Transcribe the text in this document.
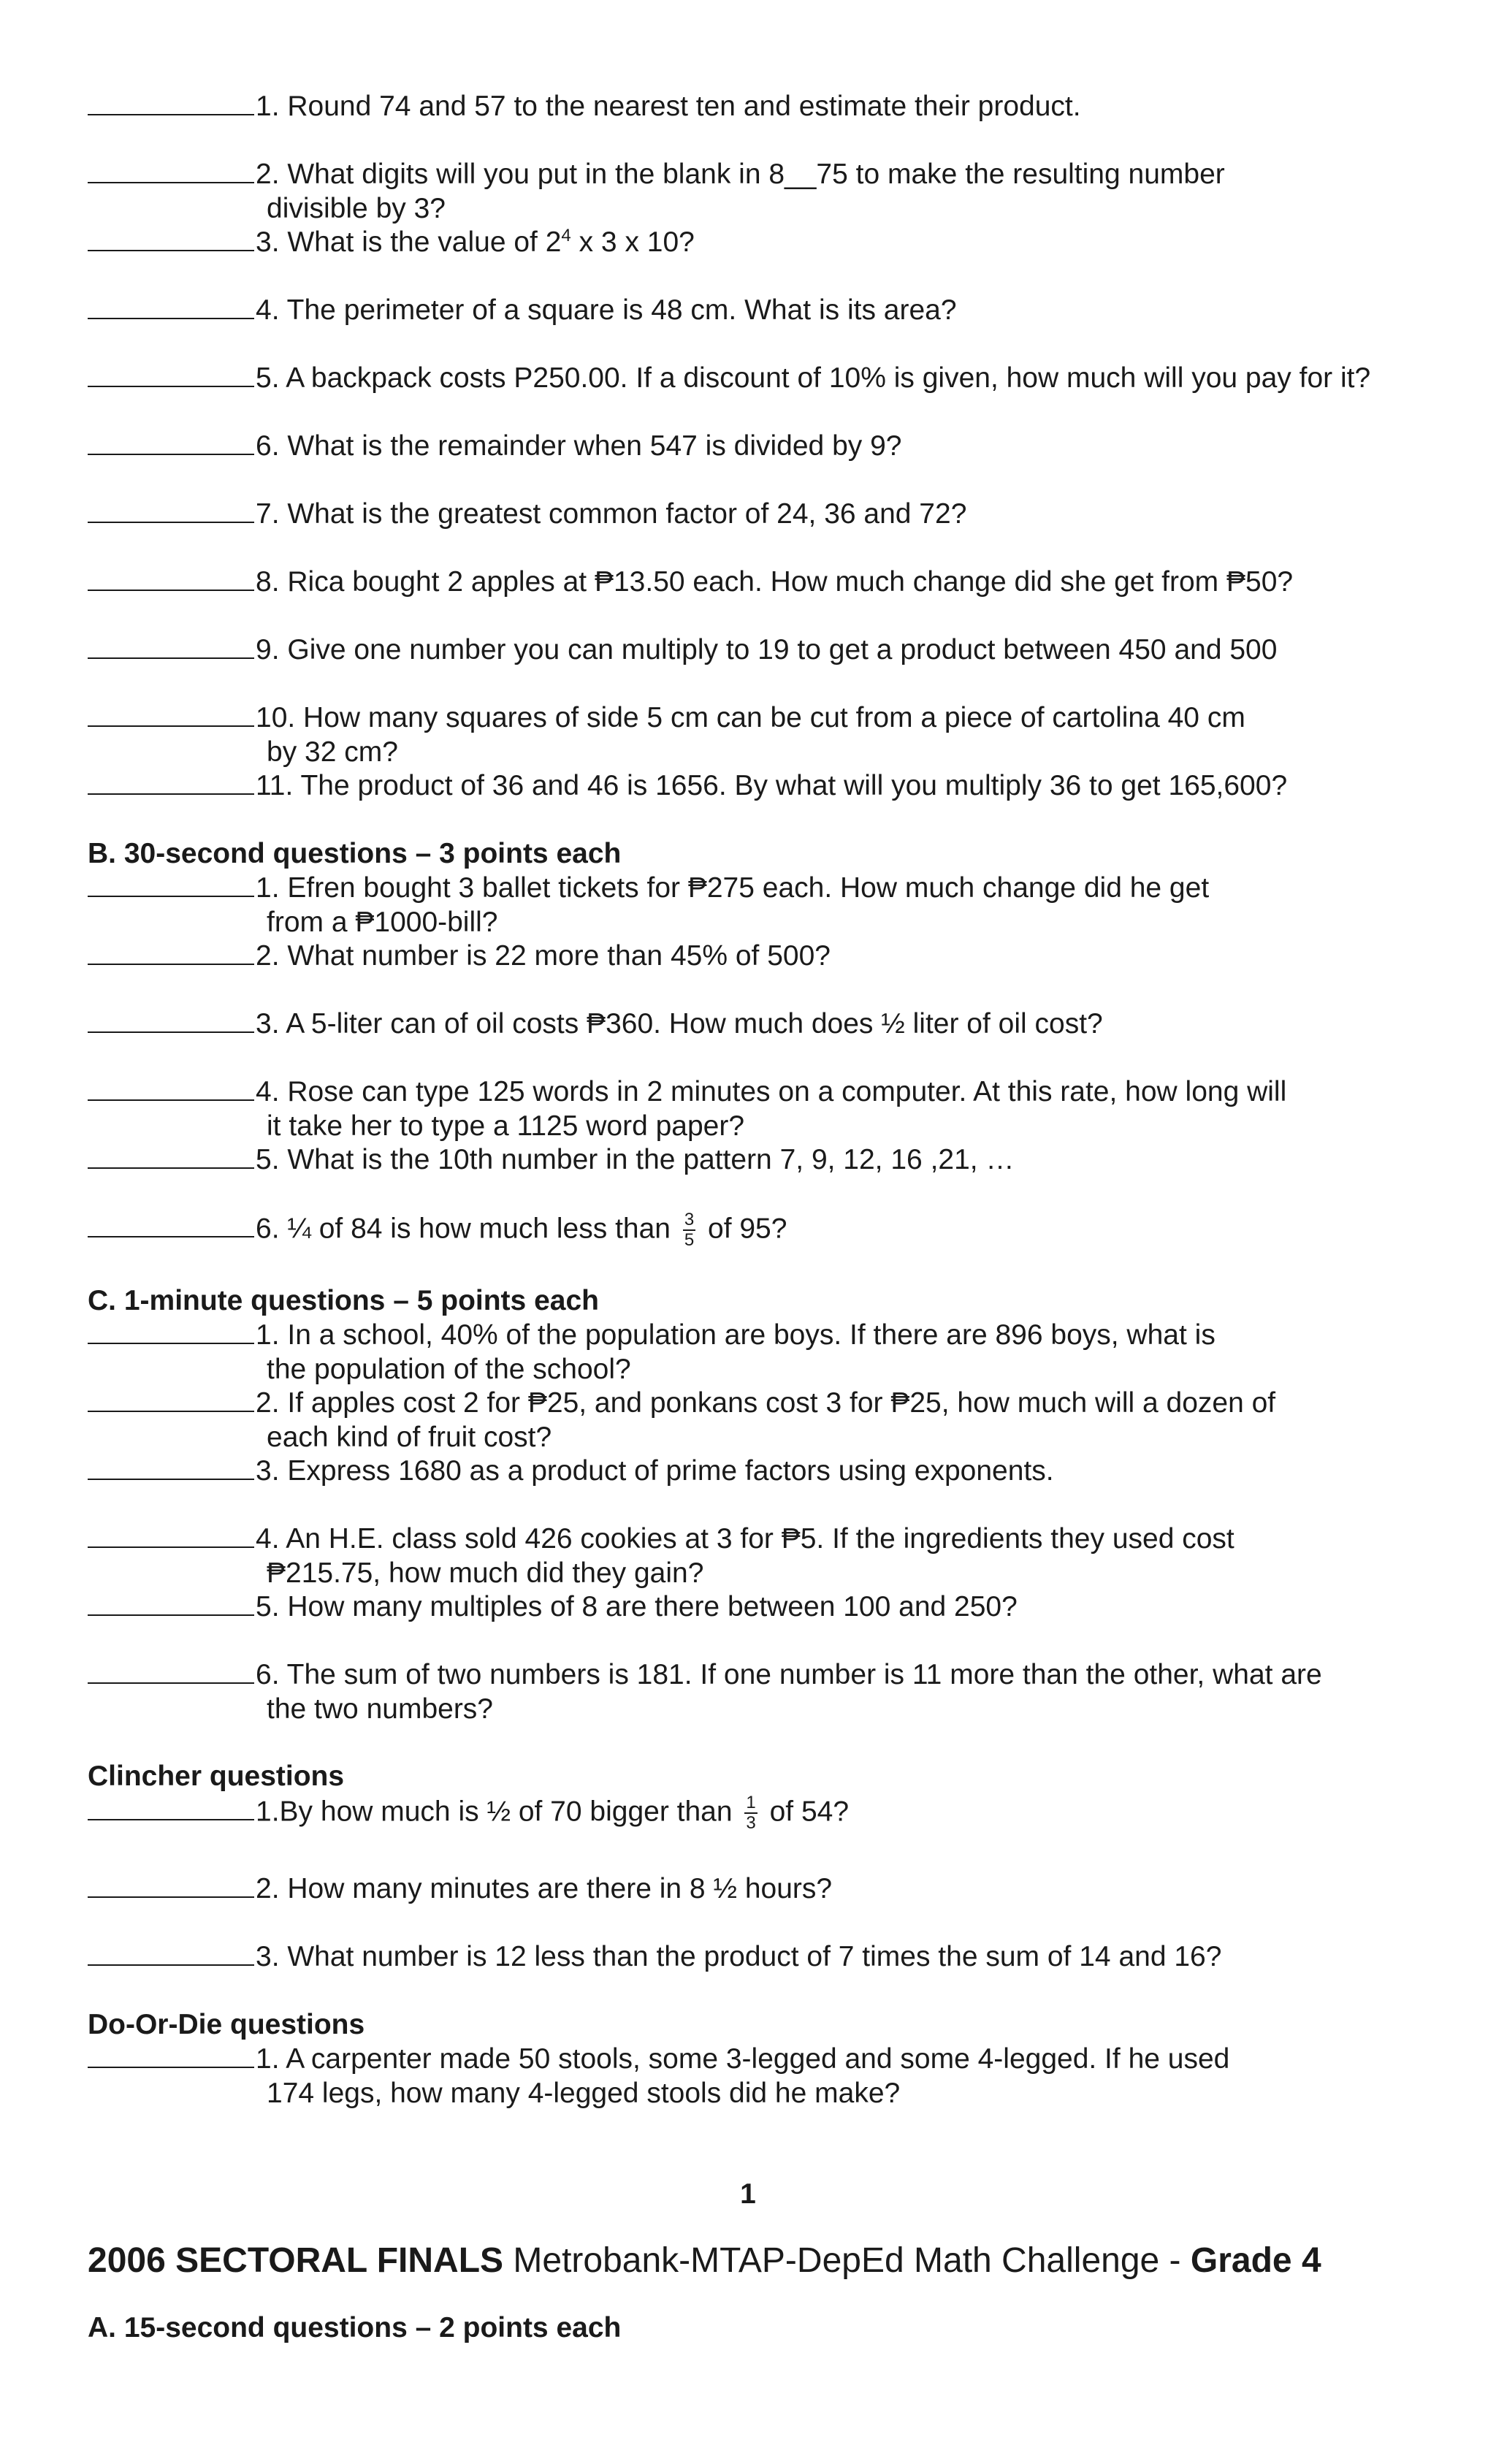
1. Round 74 and 57 to the nearest ten and estimate their product.
2. What digits will you put in the blank in 8__75 to make the resulting number
divisible by 3?
3. What is the value of $2^4$ x 3 x 10?
4. The perimeter of a square is 48 cm. What is its area?
5. A backpack costs P250.00. If a discount of 10% is given, how much will you pay for it?
6. What is the remainder when 547 is divided by 9?
7. What is the greatest common factor of 24, 36 and 72?
8. Rica bought 2 apples at ₱13.50 each. How much change did she get from ₱50?
9. Give one number you can multiply to 19 to get a product between 450 and 500
10. How many squares of side 5 cm can be cut from a piece of cartolina 40 cm
by 32 cm?
11. The product of 36 and 46 is 1656. By what will you multiply 36 to get 165,600?
B. 30-second questions – 3 points each
1. Efren bought 3 ballet tickets for ₱275 each. How much change did he get
from a ₱1000-bill?
2. What number is 22 more than 45% of 500?
3. A 5-liter can of oil costs ₱360. How much does ½ liter of oil cost?
4. Rose can type 125 words in 2 minutes on a computer. At this rate, how long will
it take her to type a 1125 word paper?
5. What is the 10th number in the pattern 7, 9, 12, 16 ,21, …
6. ¼ of 84 is how much less than $\frac{3}{5}$ of 95?
C. 1-minute questions – 5 points each
1. In a school, 40% of the population are boys. If there are 896 boys, what is
the population of the school?
2. If apples cost 2 for ₱25, and ponkans cost 3 for ₱25, how much will a dozen of
each kind of fruit cost?
3. Express 1680 as a product of prime factors using exponents.
4. An H.E. class sold 426 cookies at 3 for ₱5. If the ingredients they used cost
₱215.75, how much did they gain?
5. How many multiples of 8 are there between 100 and 250?
6. The sum of two numbers is 181. If one number is 11 more than the other, what are
the two numbers?
Clincher questions
1.By how much is ½ of 70 bigger than $\frac{1}{3}$ of 54?
2. How many minutes are there in 8 ½ hours?
3. What number is 12 less than the product of 7 times the sum of 14 and 16?
Do-Or-Die questions
1. A carpenter made 50 stools, some 3-legged and some 4-legged. If he used
174 legs, how many 4-legged stools did he make?
1
2006 SECTORAL FINALS Metrobank-MTAP-DepEd Math Challenge - Grade 4
A. 15-second questions – 2 points each
